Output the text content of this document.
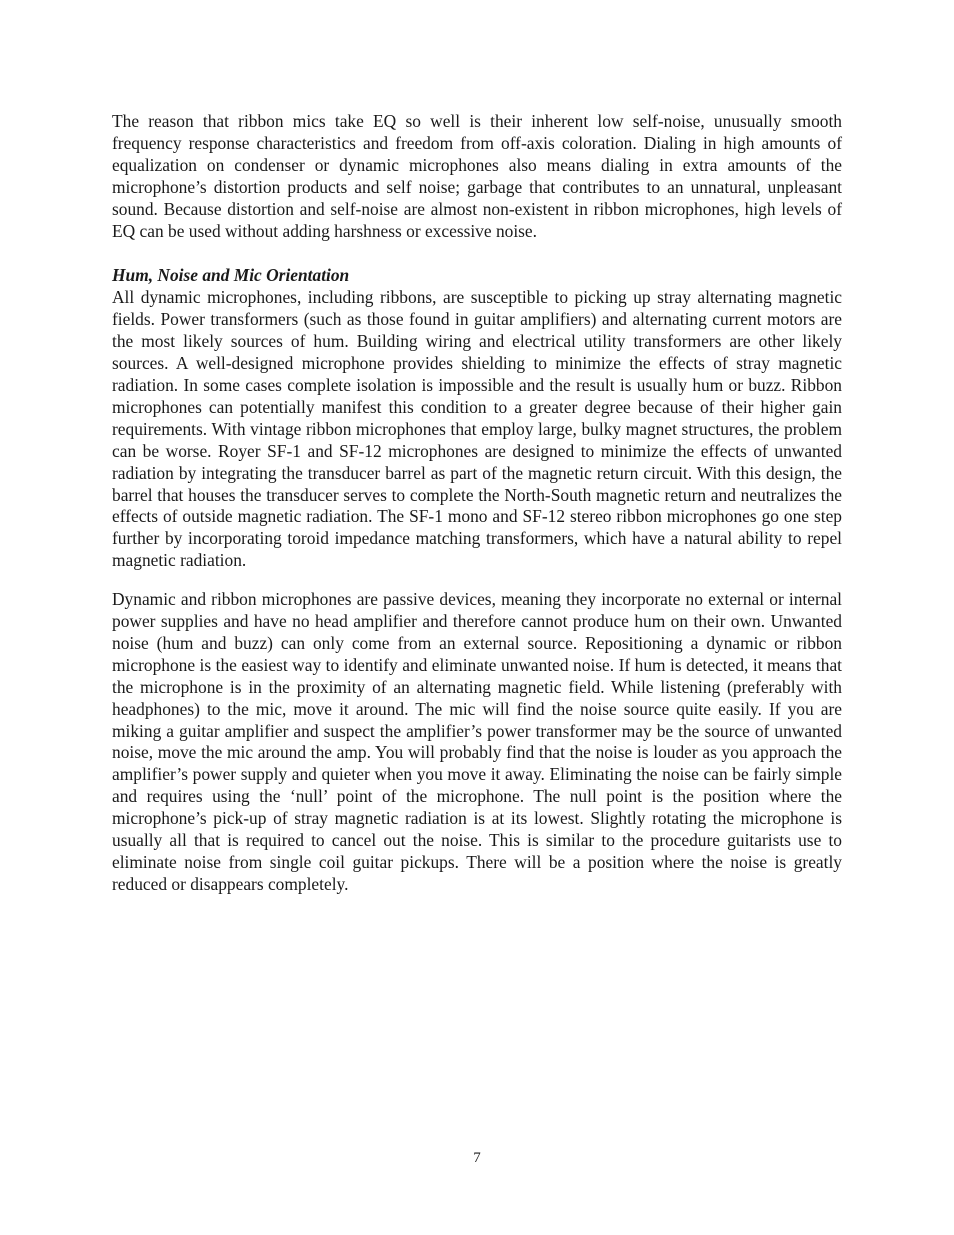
The reason that ribbon mics take EQ so well is their inherent low self-noise, unusually smooth frequency response characteristics and freedom from off-axis coloration. Dialing in high amounts of equalization on condenser or dynamic microphones also means dialing in extra amounts of the microphone’s distortion products and self noise; garbage that contributes to an unnatural, unpleasant sound. Because distortion and self-noise are almost non-existent in ribbon microphones, high levels of EQ can be used without adding harshness or excessive noise.

Hum, Noise and Mic Orientation

All dynamic microphones, including ribbons, are susceptible to picking up stray alternating magnetic fields. Power transformers (such as those found in guitar amplifiers) and alternating current motors are the most likely sources of hum. Building wiring and electrical utility transformers are other likely sources. A well-designed microphone provides shielding to minimize the effects of stray magnetic radiation. In some cases complete isolation is impossible and the result is usually hum or buzz. Ribbon microphones can potentially manifest this condition to a greater degree because of their higher gain requirements. With vintage ribbon microphones that employ large, bulky magnet structures, the problem can be worse. Royer SF-1 and SF-12 microphones are designed to minimize the effects of unwanted radiation by integrating the transducer barrel as part of the magnetic return circuit. With this design, the barrel that houses the transducer serves to complete the North-South magnetic return and neutralizes the effects of outside magnetic radiation. The SF-1 mono and SF-12 stereo ribbon microphones go one step further by incorporating toroid impedance matching transformers, which have a natural ability to repel magnetic radiation.

Dynamic and ribbon microphones are passive devices, meaning they incorporate no external or internal power supplies and have no head amplifier and therefore cannot produce hum on their own. Unwanted noise (hum and buzz) can only come from an external source. Repositioning a dynamic or ribbon microphone is the easiest way to identify and eliminate unwanted noise. If hum is detected, it means that the microphone is in the proximity of an alternating magnetic field. While listening (preferably with headphones) to the mic, move it around. The mic will find the noise source quite easily. If you are miking a guitar amplifier and suspect the amplifier’s power transformer may be the source of unwanted noise, move the mic around the amp. You will probably find that the noise is louder as you approach the amplifier’s power supply and quieter when you move it away. Eliminating the noise can be fairly simple and requires using the ‘null’ point of the microphone. The null point is the position where the microphone’s pick-up of stray magnetic radiation is at its lowest. Slightly rotating the microphone is usually all that is required to cancel out the noise. This is similar to the procedure guitarists use to eliminate noise from single coil guitar pickups. There will be a position where the noise is greatly reduced or disappears completely.

7
